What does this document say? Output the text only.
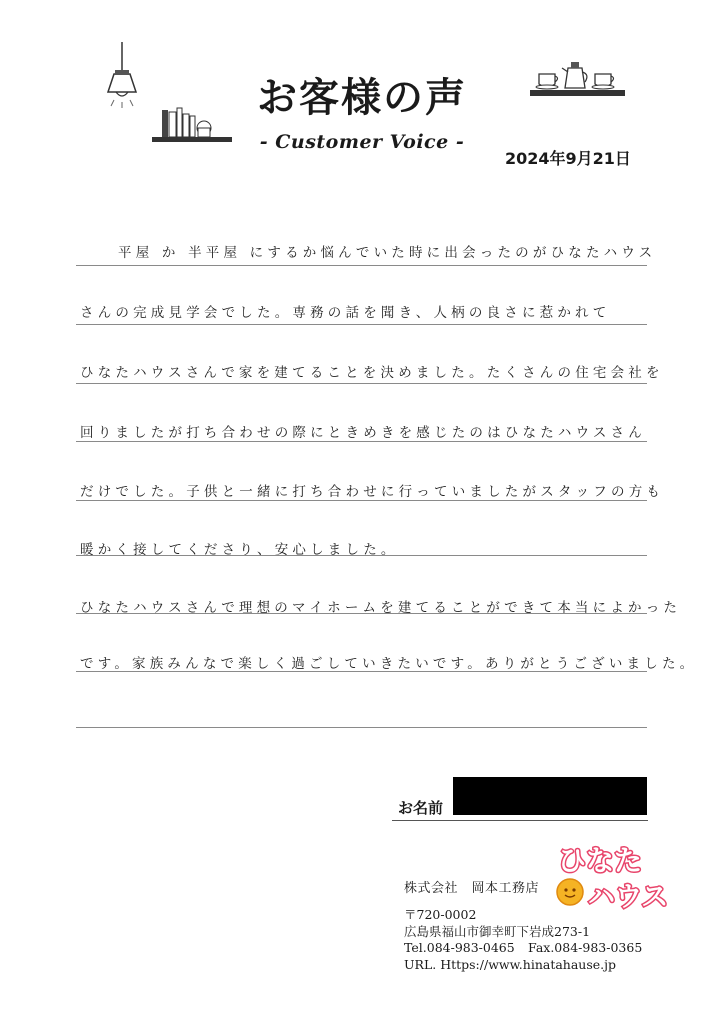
お客様の声
- Customer Voice -
2024年9月21日
平屋 か 半平屋 にするか悩んでいた時に出会ったのがひなたハウス
さんの完成見学会でした。専務の話を聞き、人柄の良さに惹かれて
ひなたハウスさんで家を建てることを決めました。たくさんの住宅会社を
回りましたが打ち合わせの際にときめきを感じたのはひなたハウスさん
だけでした。子供と一緒に打ち合わせに行っていましたがスタッフの方も
暖かく接してくださり、安心しました。
ひなたハウスさんで理想のマイホームを建てることができて本当によかった
です。家族みんなで楽しく過ごしていきたいです。ありがとうございました。
お名前
ひなた
ハウス
株式会社　岡本工務店
〒720-0002
広島県福山市御幸町下岩成273-1
Tel.084-983-0465 Fax.084-983-0365
URL. Https://www.hinatahause.jp
